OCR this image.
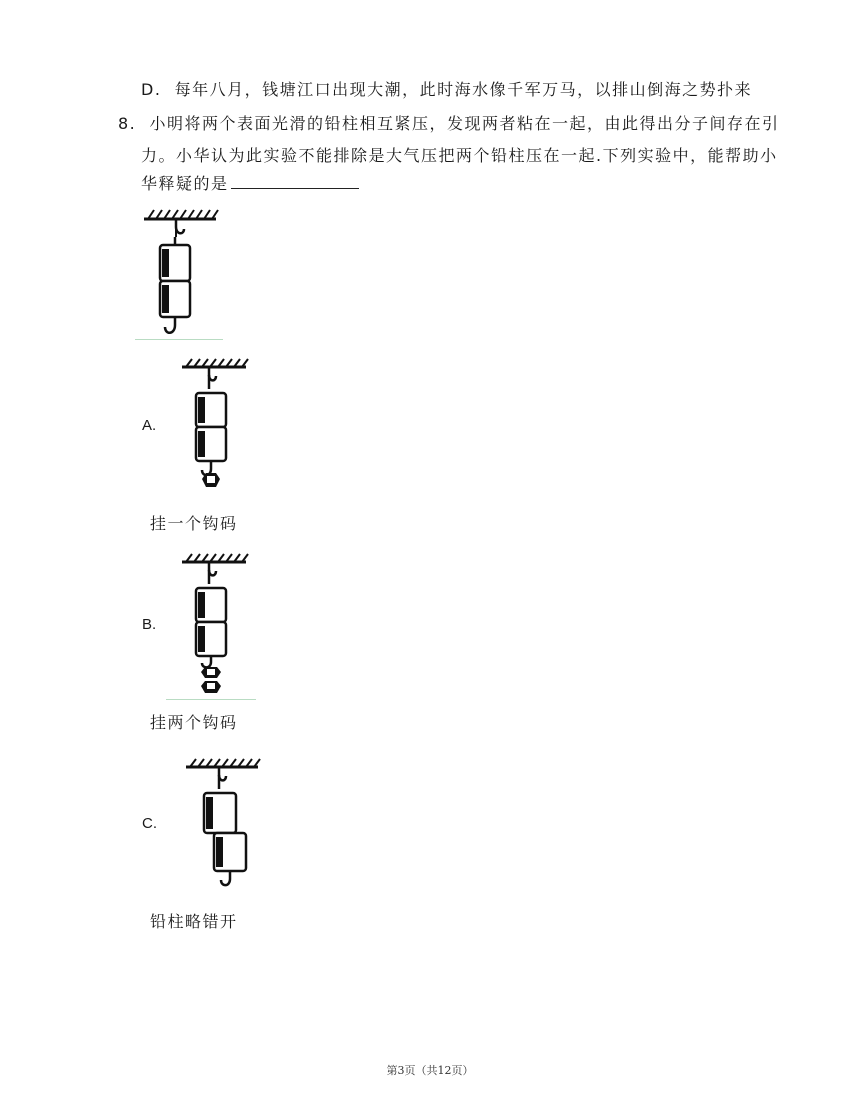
D. 每年八月，钱塘江口出现大潮，此时海水像千军万马，以排山倒海之势扑来
8. 小明将两个表面光滑的铅柱相互紧压，发现两者粘在一起，由此得出分子间存在引
力。小华认为此实验不能排除是大气压把两个铅柱压在一起.下列实验中，能帮助小
华释疑的是
A.
挂一个钩码
B.
挂两个钩码
C.
铅柱略错开
第3页（共12页）
